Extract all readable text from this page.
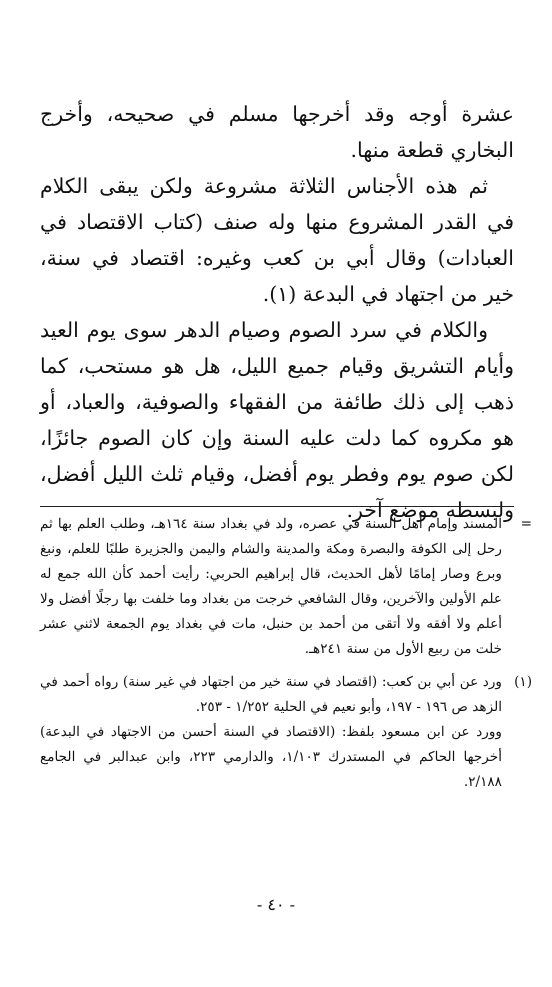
عشرة أوجه وقد أخرجها مسلم في صحيحه، وأخرج البخاري قطعة منها.

ثم هذه الأجناس الثلاثة مشروعة ولكن يبقى الكلام في القدر المشروع منها وله صنف (كتاب الاقتصاد في العبادات) وقال أبي بن كعب وغيره: اقتصاد في سنة، خير من اجتهاد في البدعة (١).

والكلام في سرد الصوم وصيام الدهر سوى يوم العيد وأيام التشريق وقيام جميع الليل، هل هو مستحب، كما ذهب إلى ذلك طائفة من الفقهاء والصوفية، والعباد، أو هو مكروه كما دلت عليه السنة وإن كان الصوم جائزًا، لكن صوم يوم وفطر يوم أفضل، وقيام ثلث الليل أفضل، ولبسطه موضع آخر.

=

المسند وإمام أهل السنة في عصره، ولد في بغداد سنة ١٦٤هـ، وطلب العلم بها ثم رحل إلى الكوفة والبصرة ومكة والمدينة والشام واليمن والجزيرة طلبًا للعلم، ونبغ وبرع وصار إمامًا لأهل الحديث، قال إبراهيم الحربي: رأيت أحمد كأن الله جمع له علم الأولين والآخرين، وقال الشافعي خرجت من بغداد وما خلفت بها رجلًا أفضل ولا أعلم ولا أفقه ولا أتقى من أحمد بن حنبل، مات في بغداد يوم الجمعة لاثني عشر خلت من ربيع الأول من سنة ٢٤١هـ.

(١)

ورد عن أبي بن كعب: (اقتصاد في سنة خير من اجتهاد في غير سنة) رواه أحمد في الزهد ص ١٩٦ - ١٩٧، وأبو نعيم في الحلية ١/٢٥٢ - ٢٥٣.

وورد عن ابن مسعود بلفظ: (الاقتصاد في السنة أحسن من الاجتهاد في البدعة) أخرجها الحاكم في المستدرك ١/١٠٣، والدارمي ٢٢٣، وابن عبدالبر في الجامع ٢/١٨٨.

- ٤٠ -
